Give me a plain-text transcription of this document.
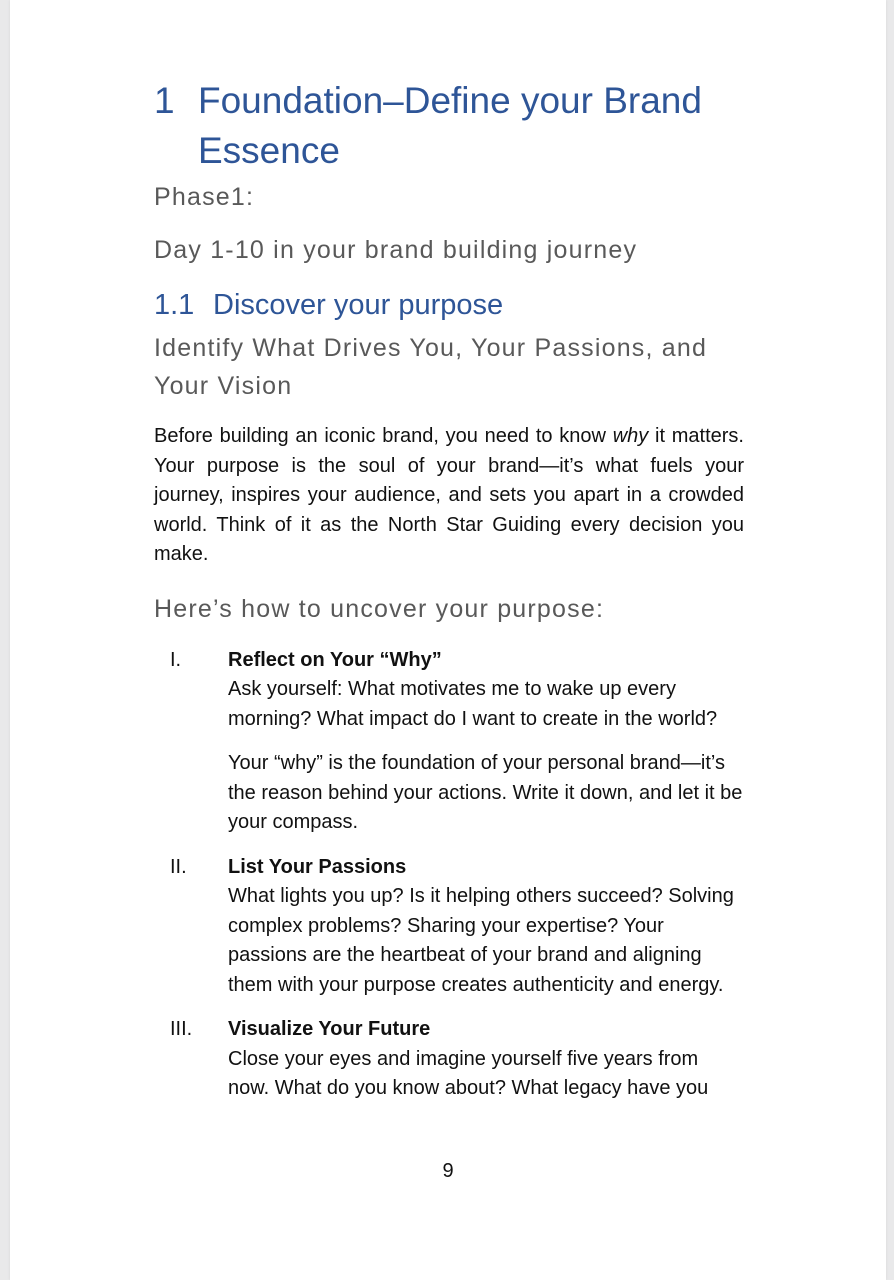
1 Foundation–Define your Brand Essence
Phase1:
Day 1-10 in your brand building journey
1.1 Discover your purpose
Identify What Drives You, Your Passions, and Your Vision

Before building an iconic brand, you need to know why it matters. Your purpose is the soul of your brand—it’s what fuels your journey, inspires your audience, and sets you apart in a crowded world. Think of it as the North Star Guiding every decision you make.

Here’s how to uncover your purpose:
I.	Reflect on Your “Why”
Ask yourself: What motivates me to wake up every morning? What impact do I want to create in the world?
Your “why” is the foundation of your personal brand—it’s the reason behind your actions. Write it down, and let it be your compass.
II.	List Your Passions
What lights you up? Is it helping others succeed? Solving complex problems? Sharing your expertise? Your passions are the heartbeat of your brand and aligning them with your purpose creates authenticity and energy.
III.	Visualize Your Future
Close your eyes and imagine yourself five years from now. What do you know about? What legacy have you
9
